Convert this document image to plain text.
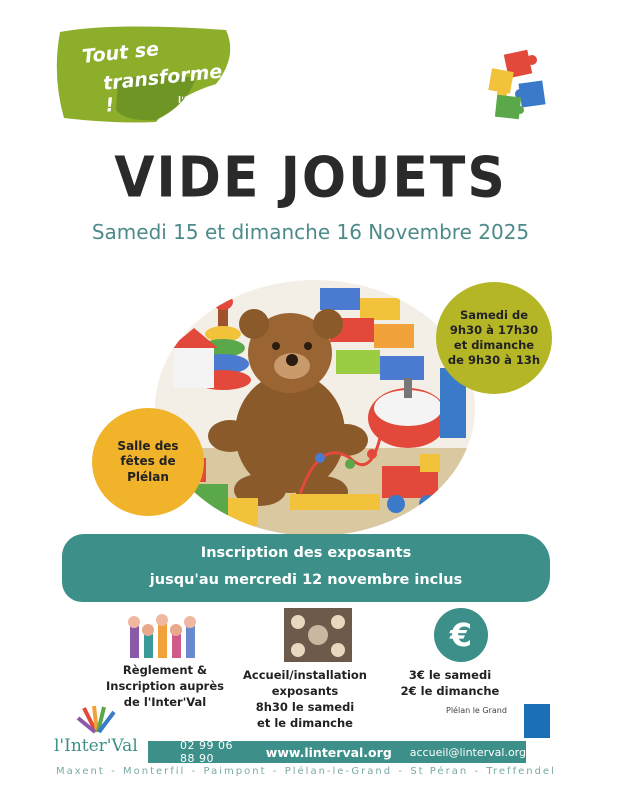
Tout se
transforme !	l'Inter'Val
VIDE JOUETS
Samedi 15 et dimanche 16 Novembre 2025
Samedi de
9h30 à 17h30
et dimanche
de 9h30 à 13h
Salle des
fêtes de
Plélan
Inscription des exposants
jusqu'au mercredi 12 novembre inclus
€
Règlement &
Inscription auprès
de l'Inter'Val
Accueil/installation
exposants
8h30 le samedi
et le dimanche
3€ le samedi
2€ le dimanche
l'Inter'Val
Plélan le Grand
02 99 06 88 90	www.linterval.org accueil@linterval.org
Maxent - Monterfil - Paimpont - Plélan-le-Grand - St Péran - Treffendel
